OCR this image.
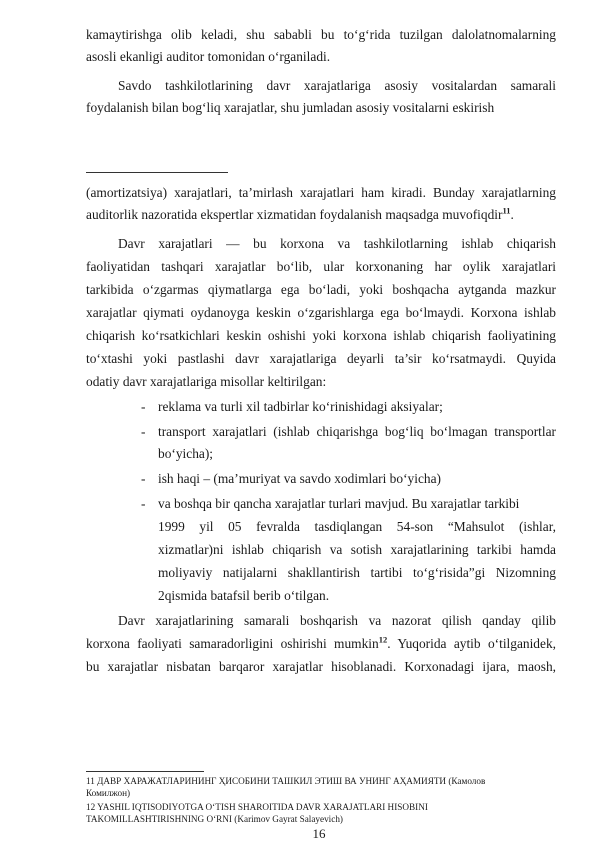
kamaytirishga olib keladi, shu sababli bu to‘g‘rida tuzilgan dalolatnomalarning
asosli ekanligi auditor tomonidan o‘rganiladi.
Savdo tashkilotlarining davr xarajatlariga asosiy vositalardan samarali
foydalanish bilan bog‘liq xarajatlar, shu jumladan asosiy vositalarni eskirish
(amortizatsiya) xarajatlari, ta’mirlash xarajatlari ham kiradi. Bunday xarajatlarning
auditorlik nazoratida ekspertlar xizmatidan foydalanish maqsadga muvofiqdir$^{11}$.
Davr xarajatlari — bu korxona va tashkilotlarning ishlab chiqarish
faoliyatidan tashqari xarajatlar bo‘lib, ular korxonaning har oylik xarajatlari
tarkibida o‘zgarmas qiymatlarga ega bo‘ladi, yoki boshqacha aytganda mazkur
xarajatlar qiymati oydanoyga keskin o‘zgarishlarga ega bo‘lmaydi. Korxona ishlab
chiqarish ko‘rsatkichlari keskin oshishi yoki korxona ishlab chiqarish faoliyatining
to‘xtashi yoki pastlashi davr xarajatlariga deyarli ta’sir ko‘rsatmaydi. Quyida
odatiy davr xarajatlariga misollar keltirilgan:
- reklama va turli xil tadbirlar ko‘rinishidagi aksiyalar;
- transport xarajatlari (ishlab chiqarishga bog‘liq bo‘lmagan transportlar
bo‘yicha);
- ish haqi – (ma’muriyat va savdo xodimlari bo‘yicha)
- va boshqa bir qancha xarajatlar turlari mavjud. Bu xarajatlar tarkibi
1999 yil 05 fevralda tasdiqlangan 54-son “Mahsulot (ishlar,
xizmatlar)ni ishlab chiqarish va sotish xarajatlarining tarkibi hamda
moliyaviy natijalarni shakllantirish tartibi to‘g‘risida”gi Nizomning
2qismida batafsil berib o‘tilgan.
Davr xarajatlarining samarali boshqarish va nazorat qilish qanday qilib
korxona faoliyati samaradorligini oshirishi mumkin$^{12}$. Yuqorida aytib o‘tilganidek,
bu xarajatlar nisbatan barqaror xarajatlar hisoblanadi. Korxonadagi ijara, maosh,
11 ДАВР ХАРАЖАТЛАРИНИНГ ҲИСОБИНИ ТАШКИЛ ЭТИШ ВА УНИНГ АҲАМИЯТИ (Камолов
Комилжон)
12 YASHIL IQTISODIYOTGA O‘TISH SHAROITIDA DAVR XARAJATLARI HISOBINI
TAKOMILLASHTIRISHNING O‘RNI (Karimov Gayrat Salayevich)
16
